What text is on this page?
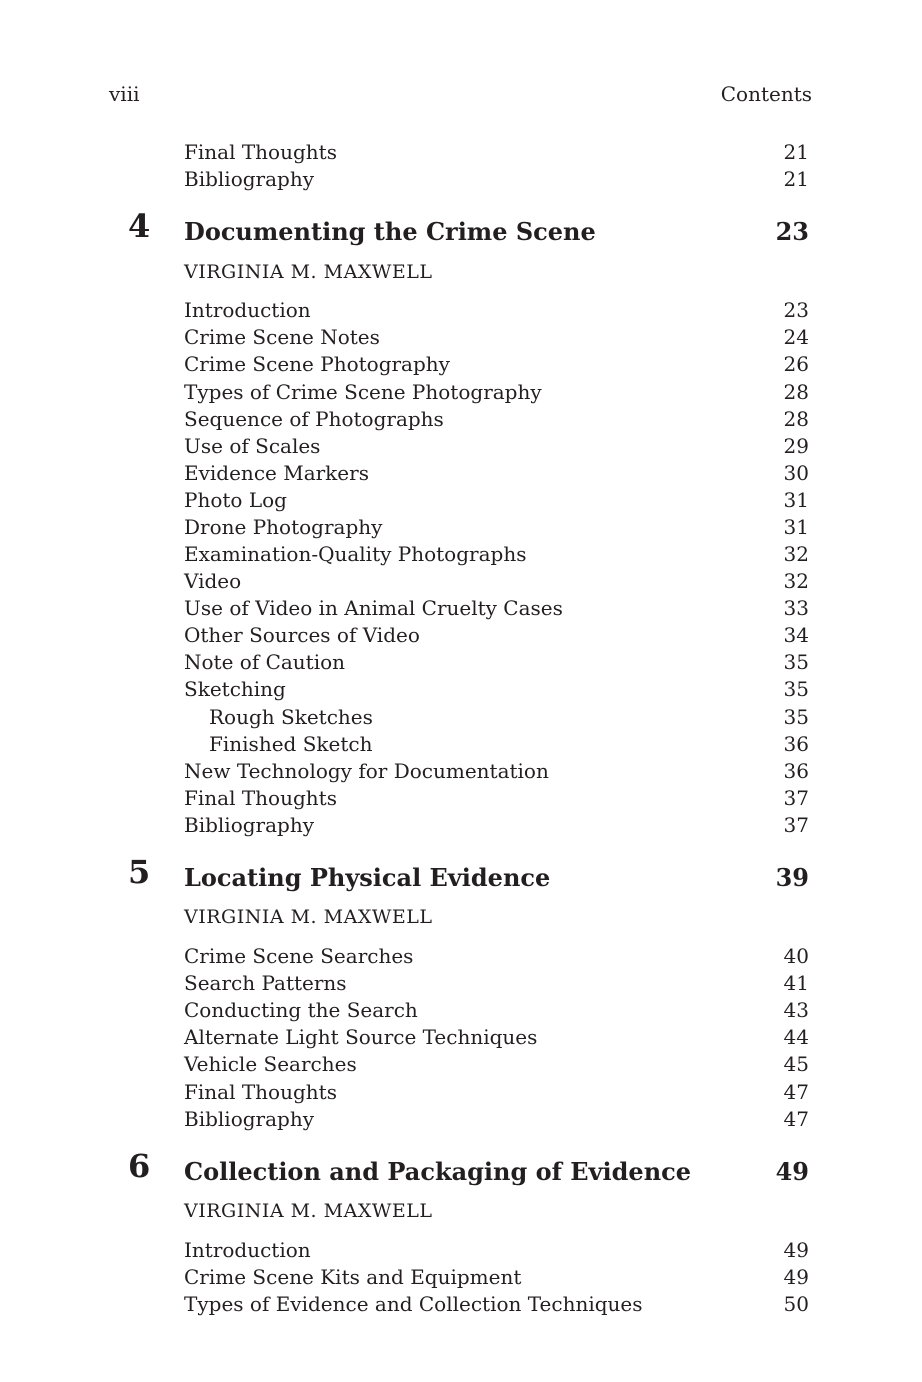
viii	Contents
Final Thoughts	21
Bibliography	21
4 Documenting the Crime Scene	23
VIRGINIA M. MAXWELL
Introduction	23
Crime Scene Notes	24
Crime Scene Photography	26
Types of Crime Scene Photography	28
Sequence of Photographs	28
Use of Scales	29
Evidence Markers	30
Photo Log	31
Drone Photography	31
Examination-Quality Photographs	32
Video	32
Use of Video in Animal Cruelty Cases	33
Other Sources of Video	34
Note of Caution	35
Sketching	35
Rough Sketches	35
Finished Sketch	36
New Technology for Documentation	36
Final Thoughts	37
Bibliography	37
5 Locating Physical Evidence	39
VIRGINIA M. MAXWELL
Crime Scene Searches	40
Search Patterns	41
Conducting the Search	43
Alternate Light Source Techniques	44
Vehicle Searches	45
Final Thoughts	47
Bibliography	47
6 Collection and Packaging of Evidence	49
VIRGINIA M. MAXWELL
Introduction	49
Crime Scene Kits and Equipment	49
Types of Evidence and Collection Techniques	50
